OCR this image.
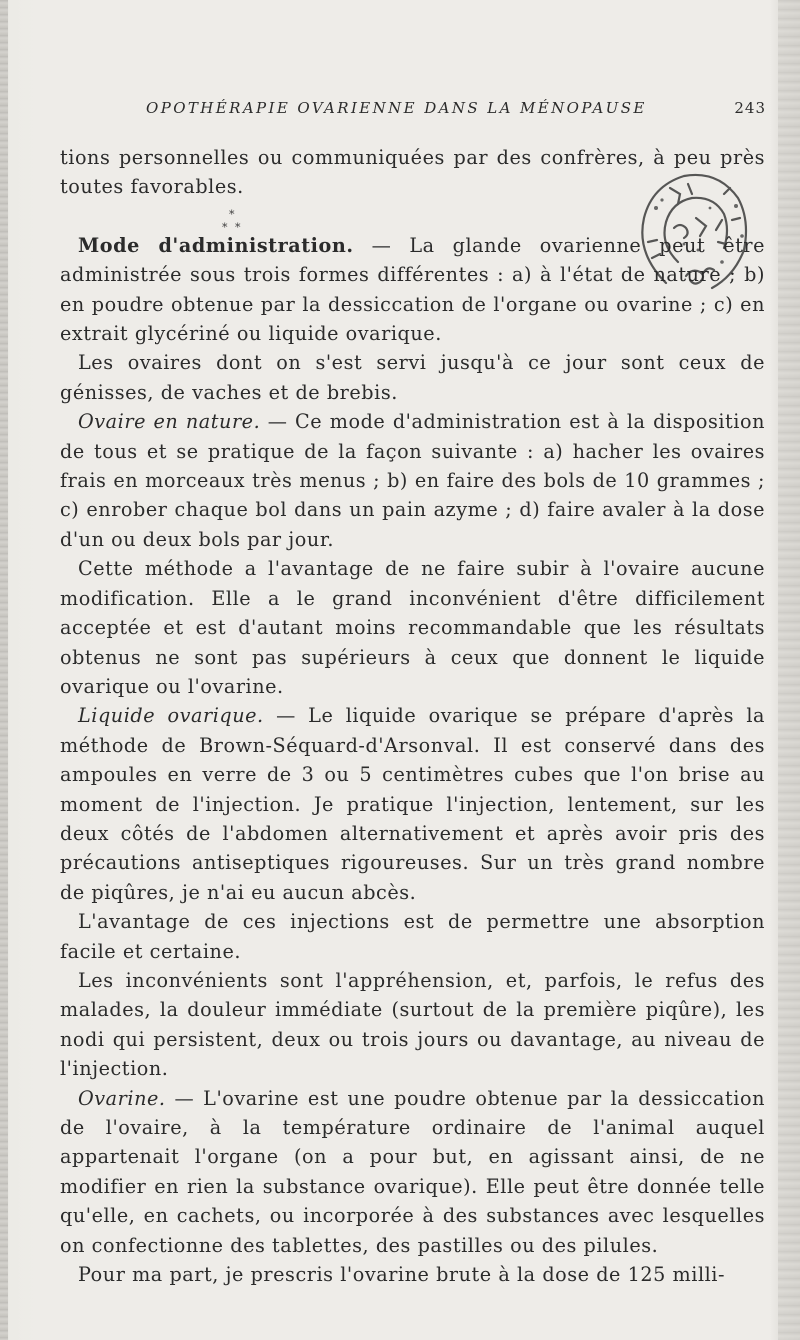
OPOTHÉRAPIE OVARIENNE DANS LA MÉNOPAUSE	243
*
* *

tions personnelles ou communiquées par des confrères, à peu près toutes favorables.

Mode d'administration. — La glande ovarienne peut être administrée sous trois formes différentes : a) à l'état de nature ; b) en poudre obtenue par la dessiccation de l'organe ou ovarine ; c) en extrait glycériné ou liquide ovarique.

Les ovaires dont on s'est servi jusqu'à ce jour sont ceux de génisses, de vaches et de brebis.

Ovaire en nature. — Ce mode d'administration est à la disposition de tous et se pratique de la façon suivante : a) hacher les ovaires frais en morceaux très menus ; b) en faire des bols de 10 grammes ; c) enrober chaque bol dans un pain azyme ; d) faire avaler à la dose d'un ou deux bols par jour.

Cette méthode a l'avantage de ne faire subir à l'ovaire aucune modification. Elle a le grand inconvénient d'être difficilement acceptée et est d'autant moins recommandable que les résultats obtenus ne sont pas supérieurs à ceux que donnent le liquide ovarique ou l'ovarine.

Liquide ovarique. — Le liquide ovarique se prépare d'après la méthode de Brown-Séquard-d'Arsonval. Il est conservé dans des ampoules en verre de 3 ou 5 centimètres cubes que l'on brise au moment de l'injection. Je pratique l'injection, lentement, sur les deux côtés de l'abdomen alternativement et après avoir pris des précautions antiseptiques rigoureuses. Sur un très grand nombre de piqûres, je n'ai eu aucun abcès.

L'avantage de ces injections est de permettre une absorption facile et certaine.

Les inconvénients sont l'appréhension, et, parfois, le refus des malades, la douleur immédiate (surtout de la première piqûre), les nodi qui persistent, deux ou trois jours ou davantage, au niveau de l'injection.

Ovarine. — L'ovarine est une poudre obtenue par la dessiccation de l'ovaire, à la température ordinaire de l'animal auquel appartenait l'organe (on a pour but, en agissant ainsi, de ne modifier en rien la substance ovarique). Elle peut être donnée telle qu'elle, en cachets, ou incorporée à des substances avec lesquelles on confectionne des tablettes, des pastilles ou des pilules.

Pour ma part, je prescris l'ovarine brute à la dose de 125 milli-
